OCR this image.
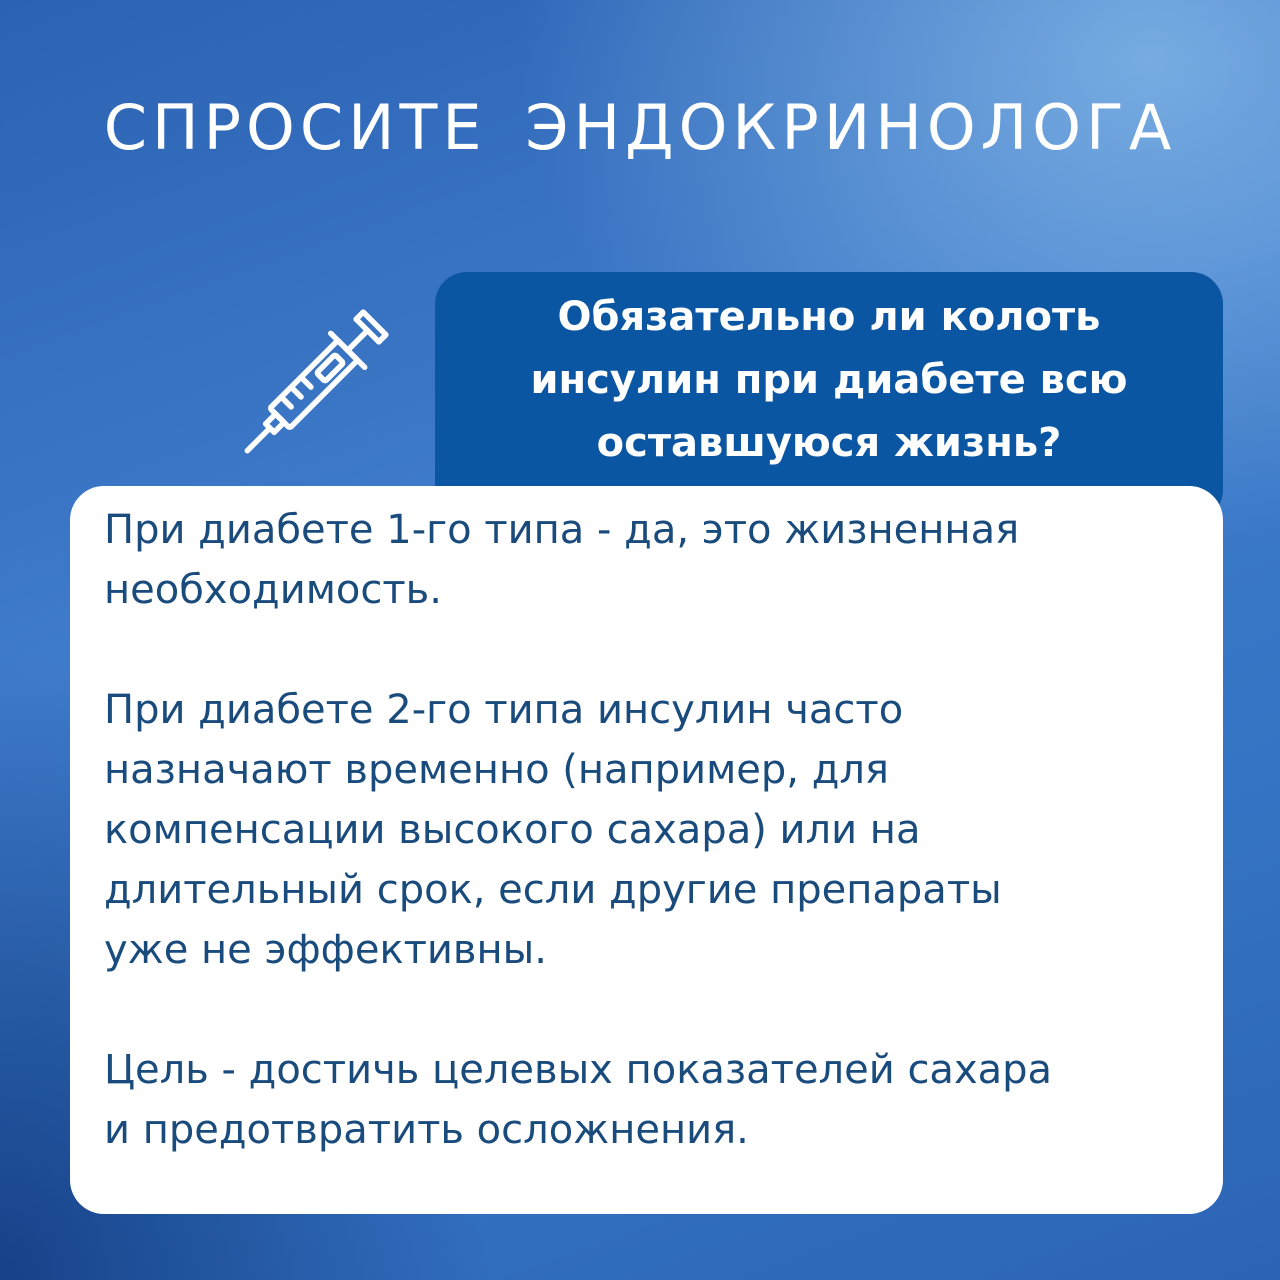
СПРОСИТЕ ЭНДОКРИНОЛОГА
Обязательно ли колоть
инсулин при диабете всю
оставшуюся жизнь?

При диабете 1-го типа - да, это жизненная
необходимость.

При диабете 2-го типа инсулин часто
назначают временно (например, для
компенсации высокого сахара) или на
длительный срок, если другие препараты
уже не эффективны.

Цель - достичь целевых показателей сахара
и предотвратить осложнения.
